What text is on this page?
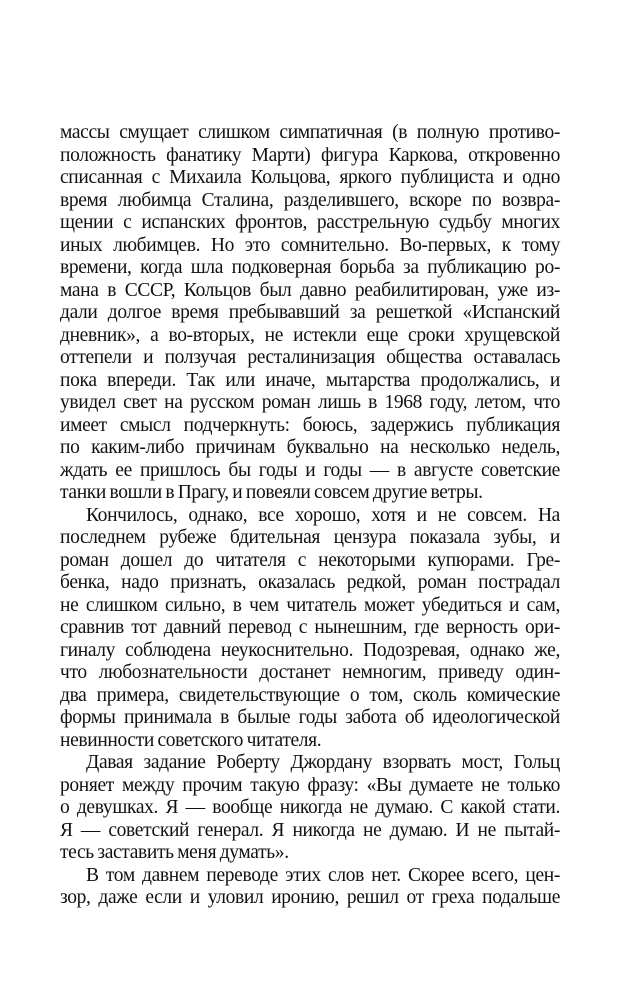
массы смущает слишком симпатичная (в полную противо-
положность фанатику Марти) фигура Каркова, откровенно
списанная с Михаила Кольцова, яркого публициста и одно
время любимца Сталина, разделившего, вскоре по возвра-
щении с испанских фронтов, расстрельную судьбу многих
иных любимцев. Но это сомнительно. Во-первых, к тому
времени, когда шла подковерная борьба за публикацию ро-
мана в СССР, Кольцов был давно реабилитирован, уже из-
дали долгое время пребывавший за решеткой «Испанский
дневник», а во-вторых, не истекли еще сроки хрущевской
оттепели и ползучая ресталинизация общества оставалась
пока впереди. Так или иначе, мытарства продолжались, и
увидел свет на русском роман лишь в 1968 году, летом, что
имеет смысл подчеркнуть: боюсь, задержись публикация
по каким-либо причинам буквально на несколько недель,
ждать ее пришлось бы годы и годы — в августе советские
танки вошли в Прагу, и повеяли совсем другие ветры.
Кончилось, однако, все хорошо, хотя и не совсем. На
последнем рубеже бдительная цензура показала зубы, и
роман дошел до читателя с некоторыми купюрами. Гре-
бенка, надо признать, оказалась редкой, роман пострадал
не слишком сильно, в чем читатель может убедиться и сам,
сравнив тот давний перевод с нынешним, где верность ори-
гиналу соблюдена неукоснительно. Подозревая, однако же,
что любознательности достанет немногим, приведу один-
два примера, свидетельствующие о том, сколь комические
формы принимала в былые годы забота об идеологической
невинности советского читателя.
Давая задание Роберту Джордану взорвать мост, Гольц
роняет между прочим такую фразу: «Вы думаете не только
о девушках. Я — вообще никогда не думаю. С какой стати.
Я — советский генерал. Я никогда не думаю. И не пытай-
тесь заставить меня думать».
В том давнем переводе этих слов нет. Скорее всего, цен-
зор, даже если и уловил иронию, решил от греха подальше
